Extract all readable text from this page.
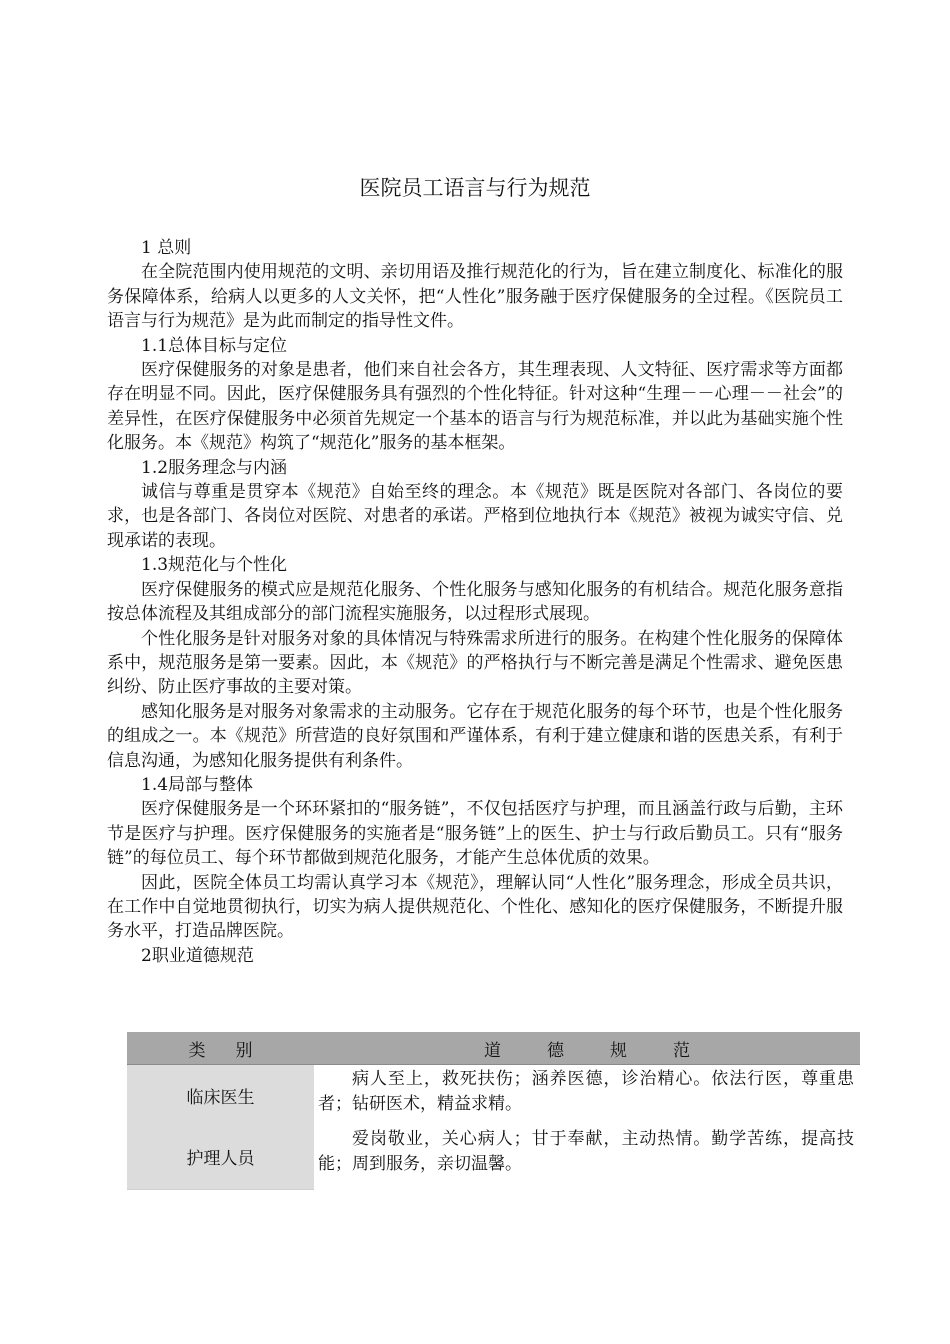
医院员工语言与行为规范

1 总则

在全院范围内使用规范的文明、亲切用语及推行规范化的行为，旨在建立制度化、标准化的服务保障体系，给病人以更多的人文关怀，把“人性化”服务融于医疗保健服务的全过程。《医院员工语言与行为规范》是为此而制定的指导性文件。

1.1总体目标与定位

医疗保健服务的对象是患者，他们来自社会各方，其生理表现、人文特征、医疗需求等方面都存在明显不同。因此，医疗保健服务具有强烈的个性化特征。针对这种“生理－－心理－－社会”的差异性，在医疗保健服务中必须首先规定一个基本的语言与行为规范标准，并以此为基础实施个性化服务。本《规范》构筑了“规范化”服务的基本框架。

1.2服务理念与内涵

诚信与尊重是贯穿本《规范》自始至终的理念。本《规范》既是医院对各部门、各岗位的要求，也是各部门、各岗位对医院、对患者的承诺。严格到位地执行本《规范》被视为诚实守信、兑现承诺的表现。

1.3规范化与个性化

医疗保健服务的模式应是规范化服务、个性化服务与感知化服务的有机结合。规范化服务意指按总体流程及其组成部分的部门流程实施服务，以过程形式展现。

个性化服务是针对服务对象的具体情况与特殊需求所进行的服务。在构建个性化服务的保障体系中，规范服务是第一要素。因此，本《规范》的严格执行与不断完善是满足个性需求、避免医患纠纷、防止医疗事故的主要对策。

感知化服务是对服务对象需求的主动服务。它存在于规范化服务的每个环节，也是个性化服务的组成之一。本《规范》所营造的良好氛围和严谨体系，有利于建立健康和谐的医患关系，有利于信息沟通，为感知化服务提供有利条件。

1.4局部与整体

医疗保健服务是一个环环紧扣的“服务链”，不仅包括医疗与护理，而且涵盖行政与后勤，主环节是医疗与护理。医疗保健服务的实施者是“服务链”上的医生、护士与行政后勤员工。只有“服务链”的每位员工、每个环节都做到规范化服务，才能产生总体优质的效果。

因此，医院全体员工均需认真学习本《规范》，理解认同“人性化”服务理念，形成全员共识，在工作中自觉地贯彻执行，切实为病人提供规范化、个性化、感知化的医疗保健服务，不断提升服务水平，打造品牌医院。

2职业道德规范

类别	道德规范
临床医生	病人至上，救死扶伤；涵养医德，诊治精心。依法行医，尊重患者；钻研医术，精益求精。
护理人员	爱岗敬业，关心病人；甘于奉献，主动热情。勤学苦练，提高技能；周到服务，亲切温馨。
